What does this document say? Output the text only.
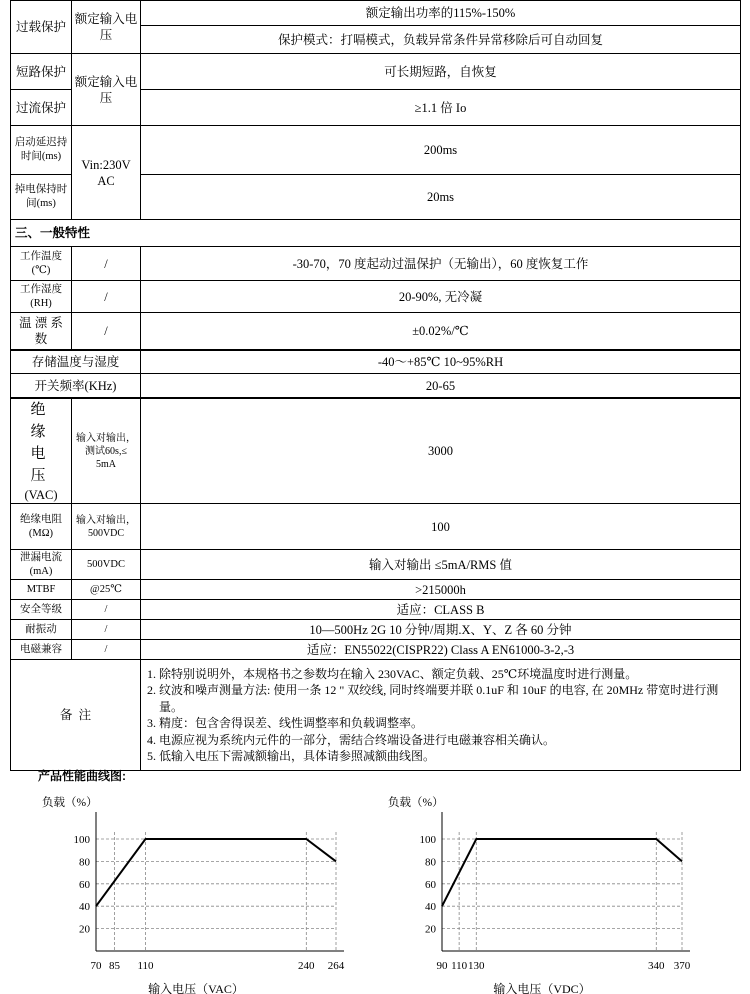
过载保护	额定输入电压	额定输出功率的115%-150%
		保护模式：打嗝模式，负载异常条件异常移除后可自动回复
短路保护	额定输入电压	可长期短路，自恢复
过流保护		≥1.1 倍 Io
启动延迟持时间(ms)	Vin:230V AC	200ms
掉电保持时间(ms)		20ms
三、一般特性		
工作温度(℃)	/	-30-70，70 度起动过温保护（无输出），60 度恢复工作
工作湿度(RH)	/	20-90%, 无冷凝
温 漂 系 数	/	±0.02%/℃
存储温度与湿度	-40～+85℃ 10~95%RH
开关频率(KHz)	20-65
绝 缘 电 压
(VAC)	输入对输出，测试60s,≤ 5mA	3000

绝缘电阻
(MΩ)	输入对输出，500VDC	100
泄漏电流(mA)	500VDC	输入对输出 ≤5mA/RMS 值
MTBF	@25℃	>215000h
安全等级	/	适应：CLASS B
耐振动	/	10—500Hz 2G 10 分钟/周期.X、Y、Z 各 60 分钟
电磁兼容	/	适应：EN55022(CISPR22) Class A EN61000-3-2,-3
备  注		1. 除特别说明外，本规格书之参数均在输入 230VAC、额定负载、25℃环境温度时进行测量。
2. 纹波和噪声测量方法: 使用一条 12 " 双绞线, 同时终端要并联 0.1uF 和 10uF 的电容, 在 20MHz 带宽时进行测量。
3. 精度：包含舍得误差、线性调整率和负载调整率。
4. 电源应视为系统内元件的一部分，需结合终端设备进行电磁兼容相关确认。
5. 低输入电压下需减额输出，具体请参照减额曲线图。
产品性能曲线图:
负载（%）
20
40
60
80
100
70 85 110	240 264
输入电压（VAC）
负载（%）
20
40
60
80
100
90 110 130	340 370
输入电压（VDC）
